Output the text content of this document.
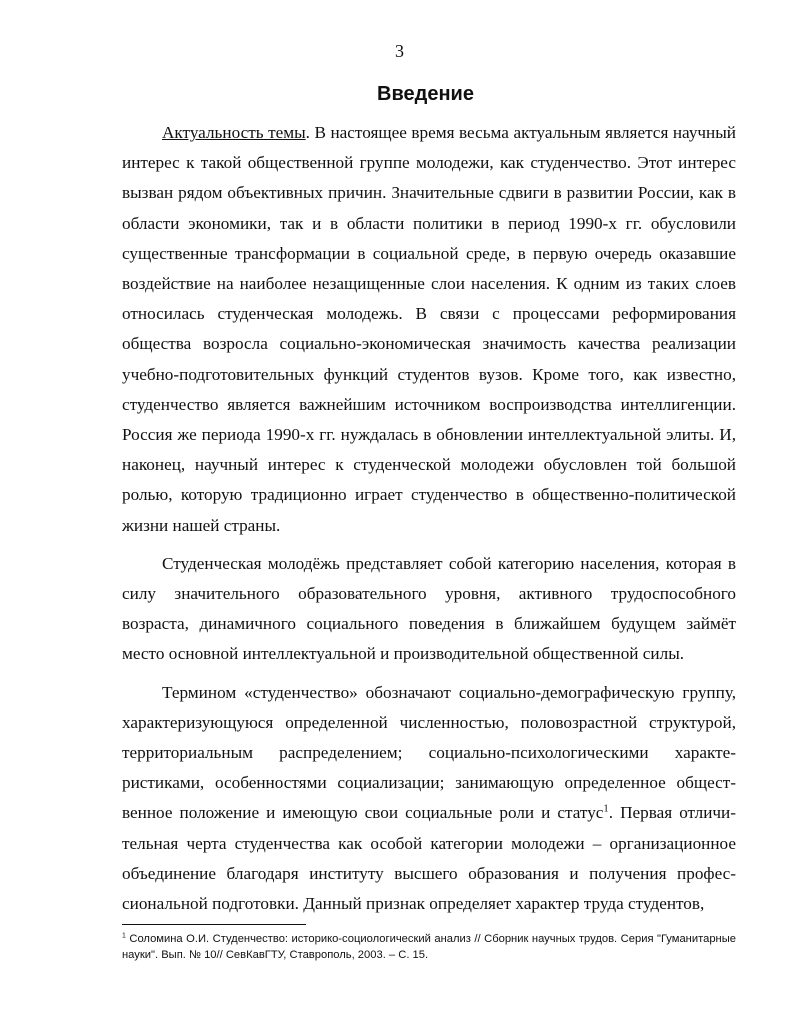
3
Введение

Актуальность темы. В настоящее время весьма актуальным является научный интерес к такой общественной группе молодежи, как студенчество. Этот интерес вызван рядом объективных причин. Значительные сдвиги в развитии России, как в области экономики, так и в области политики в период 1990-х гг. обусловили существенные трансформации в социальной среде, в первую очередь оказавшие воздействие на наиболее незащищенные слои населения. К одним из таких слоев относилась студенческая молодежь. В связи с процессами реформирования общества возросла социально-экономическая значимость качества реализации учебно-подготовительных функций студентов вузов. Кроме того, как известно, студенчество является важнейшим источником воспроизводства интеллигенции. Россия же периода 1990-х гг. нуждалась в обновлении интеллектуальной элиты. И, наконец, научный интерес к студенческой молодежи обусловлен той большой ролью, которую традиционно играет студенчество в общественно-политической жизни нашей страны.

Студенческая молодёжь представляет собой категорию населения, которая в силу значительного образовательного уровня, активного трудоспособного возраста, динамичного социального поведения в ближайшем будущем займёт место основной интеллектуальной и производительной общественной силы.

Термином «студенчество» обозначают социально-демографическую группу, характеризующуюся определенной численностью, половозрастной структурой, территориальным распределением; социально-психологическими характеристиками, особенностями социализации; занимающую определенное общественное положение и имеющую свои социальные роли и статус$^1$. Первая отличительная черта студенчества как особой категории молодежи – организационное объединение благодаря институту высшего образования и получения профессиональной подготовки. Данный признак определяет характер труда студентов,

$^1$ Соломина О.И. Студенчество: историко-социологический анализ // Сборник научных трудов. Серия "Гуманитарные науки". Вып. № 10// СевКавГТУ, Ставрополь, 2003. – С. 15.
